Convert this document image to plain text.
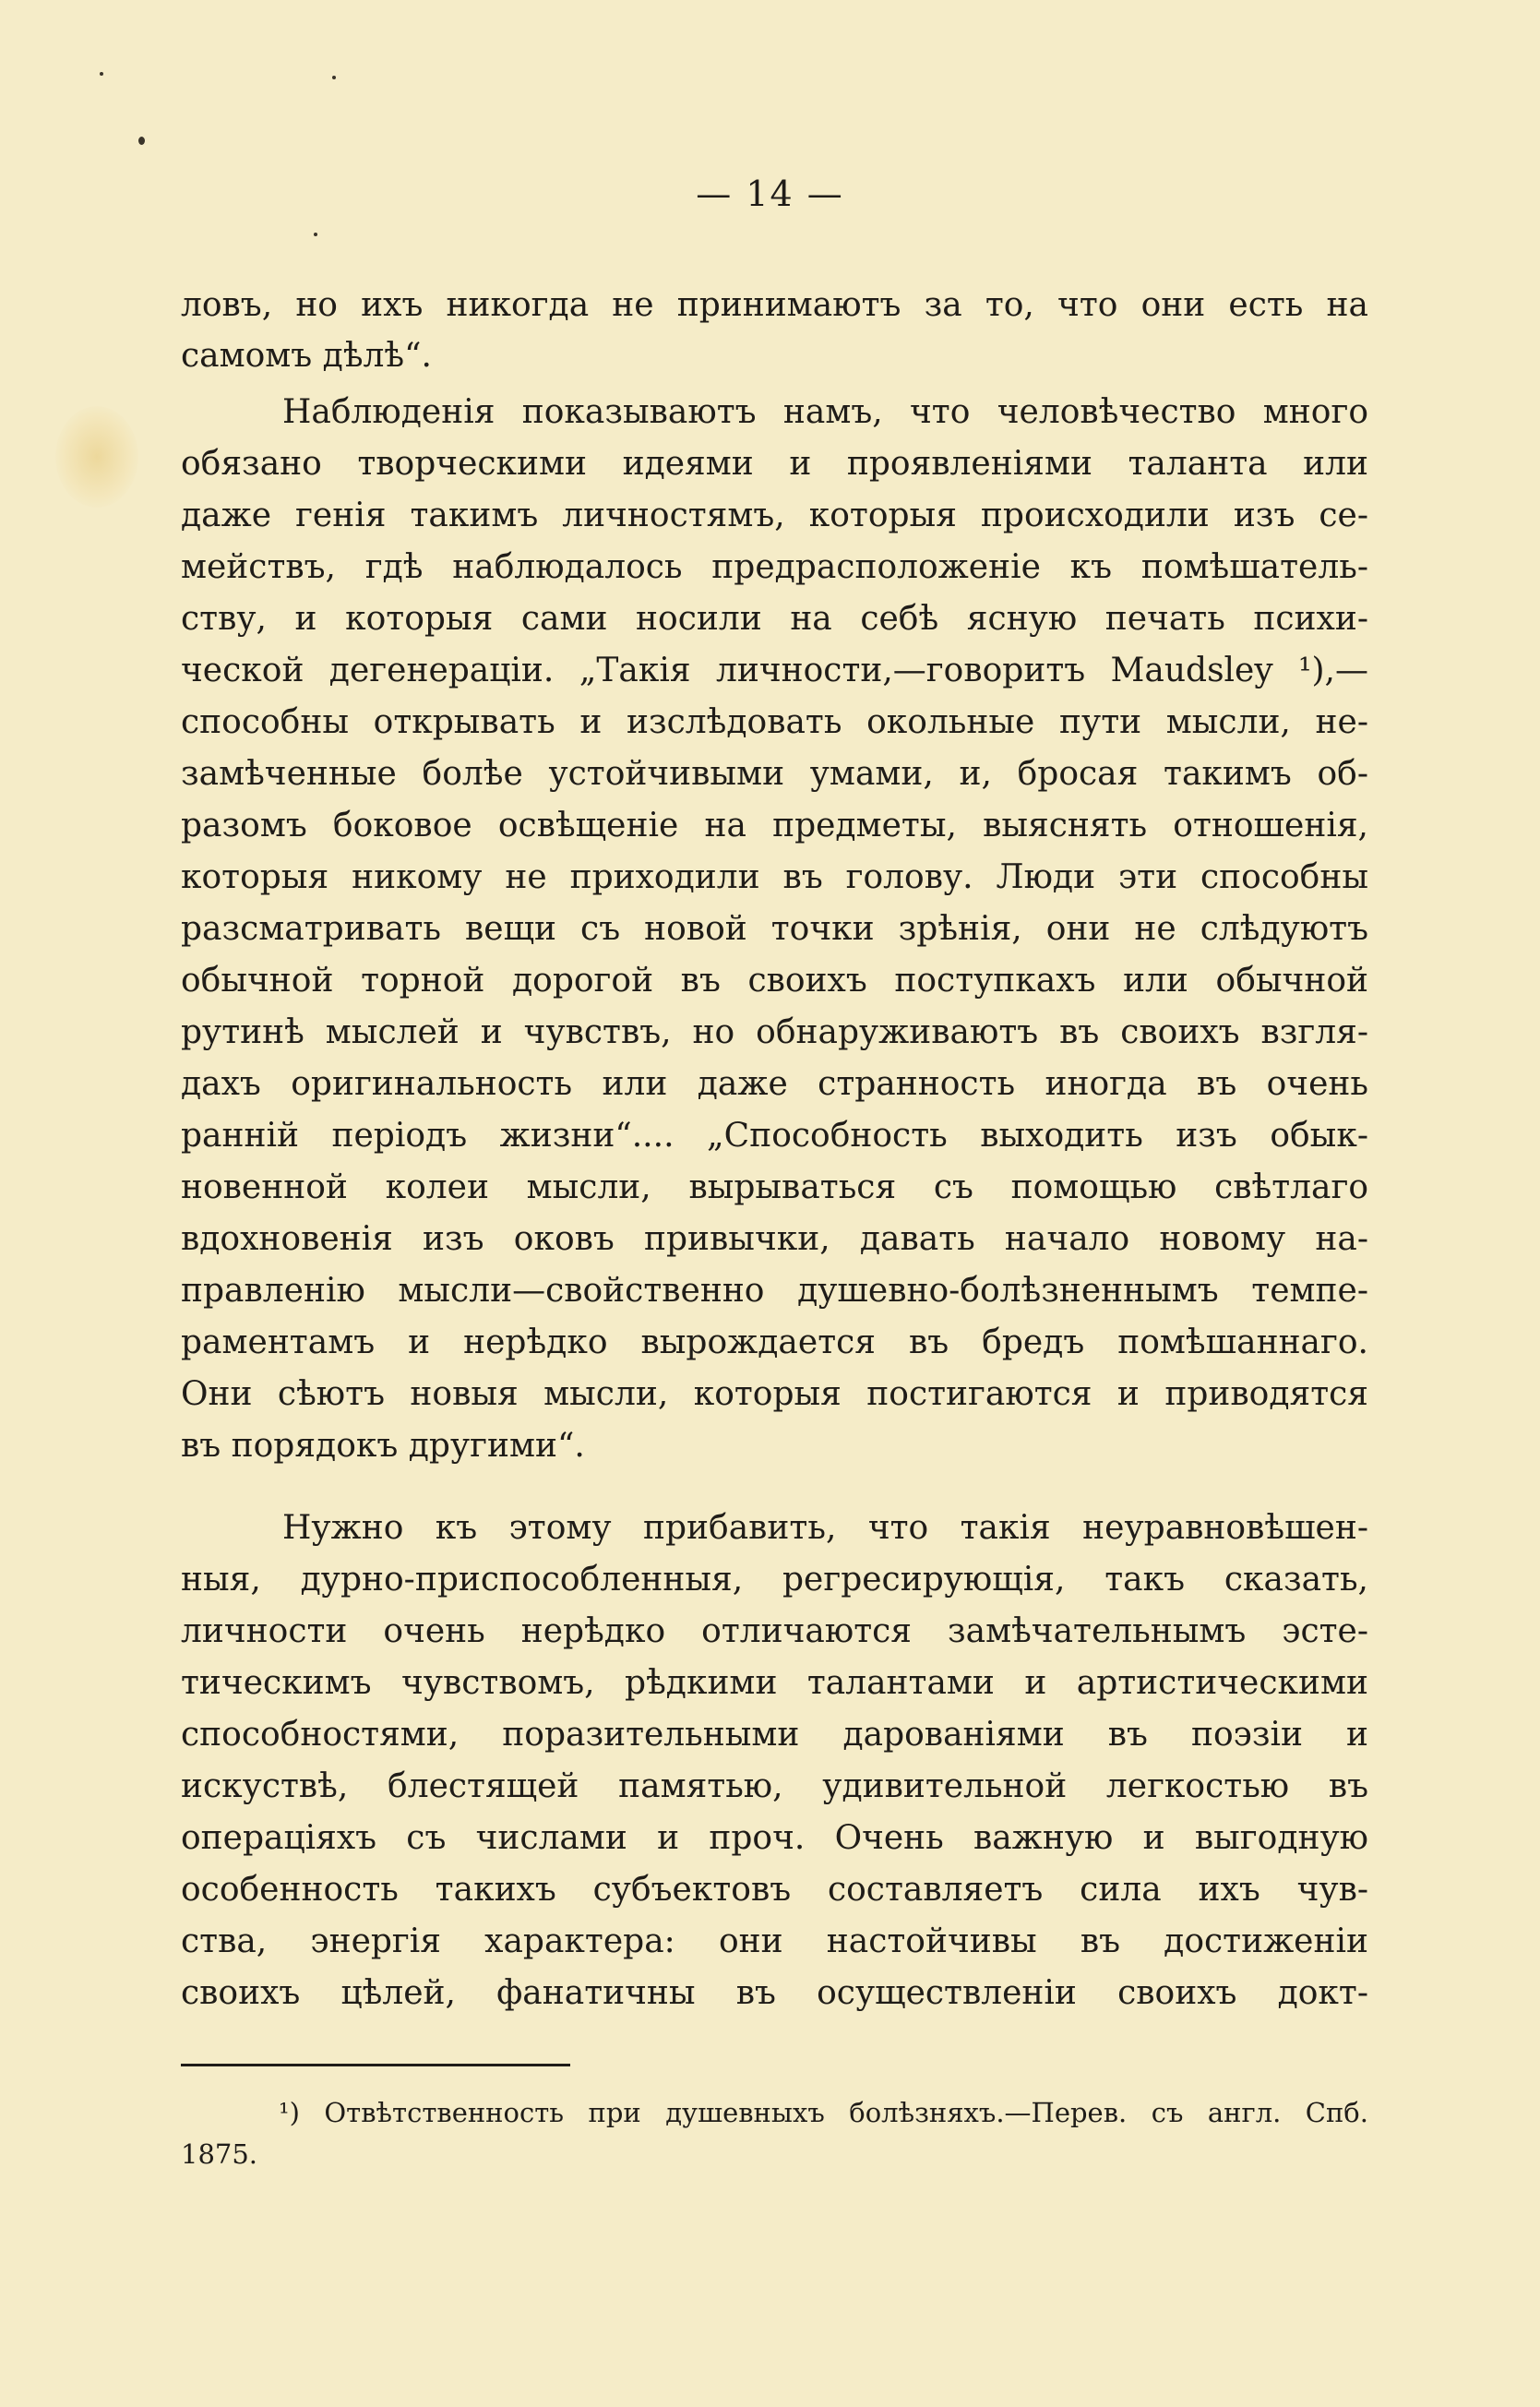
— 14 —
ловъ, но ихъ никогда не принимаютъ за то, что они есть на
самомъ дѣлѣ“.
Наблюденія показываютъ намъ, что человѣчество много
обязано творческими идеями и проявленіями таланта или
даже генія такимъ личностямъ, которыя происходили изъ се-
мействъ, гдѣ наблюдалось предрасположеніе къ помѣшатель-
ству, и которыя сами носили на себѣ ясную печать психи-
ческой дегенераціи. „Такія личности,—говоритъ Maudsley ¹),—
способны открывать и изслѣдовать окольные пути мысли, не-
замѣченные болѣе устойчивыми умами, и, бросая такимъ об-
разомъ боковое освѣщеніе на предметы, выяснять отношенія,
которыя никому не приходили въ голову. Люди эти способны
разсматривать вещи съ новой точки зрѣнія, они не слѣдуютъ
обычной торной дорогой въ своихъ поступкахъ или обычной
рутинѣ мыслей и чувствъ, но обнаруживаютъ въ своихъ взгля-
дахъ оригинальность или даже странность иногда въ очень
ранній періодъ жизни“.... „Способность выходить изъ обык-
новенной колеи мысли, вырываться съ помощью свѣтлаго
вдохновенія изъ оковъ привычки, давать начало новому на-
правленію мысли—свойственно душевно-болѣзненнымъ темпе-
раментамъ и нерѣдко вырождается въ бредъ помѣшаннаго.
Они сѣютъ новыя мысли, которыя постигаются и приводятся
въ порядокъ другими“.
Нужно къ этому прибавить, что такія неуравновѣшен-
ныя, дурно-приспособленныя, регресирующія, такъ сказать,
личности очень нерѣдко отличаются замѣчательнымъ эсте-
тическимъ чувствомъ, рѣдкими талантами и артистическими
способностями, поразительными дарованіями въ поэзіи и
искуствѣ, блестящей памятью, удивительной легкостью въ
операціяхъ съ числами и проч. Очень важную и выгодную
особенность такихъ субъектовъ составляетъ сила ихъ чув-
ства, энергія характера: они настойчивы въ достиженіи
своихъ цѣлей, фанатичны въ осуществленіи своихъ докт-
¹) Отвѣтственность при душевныхъ болѣзняхъ.—Перев. съ англ. Спб.
1875.
